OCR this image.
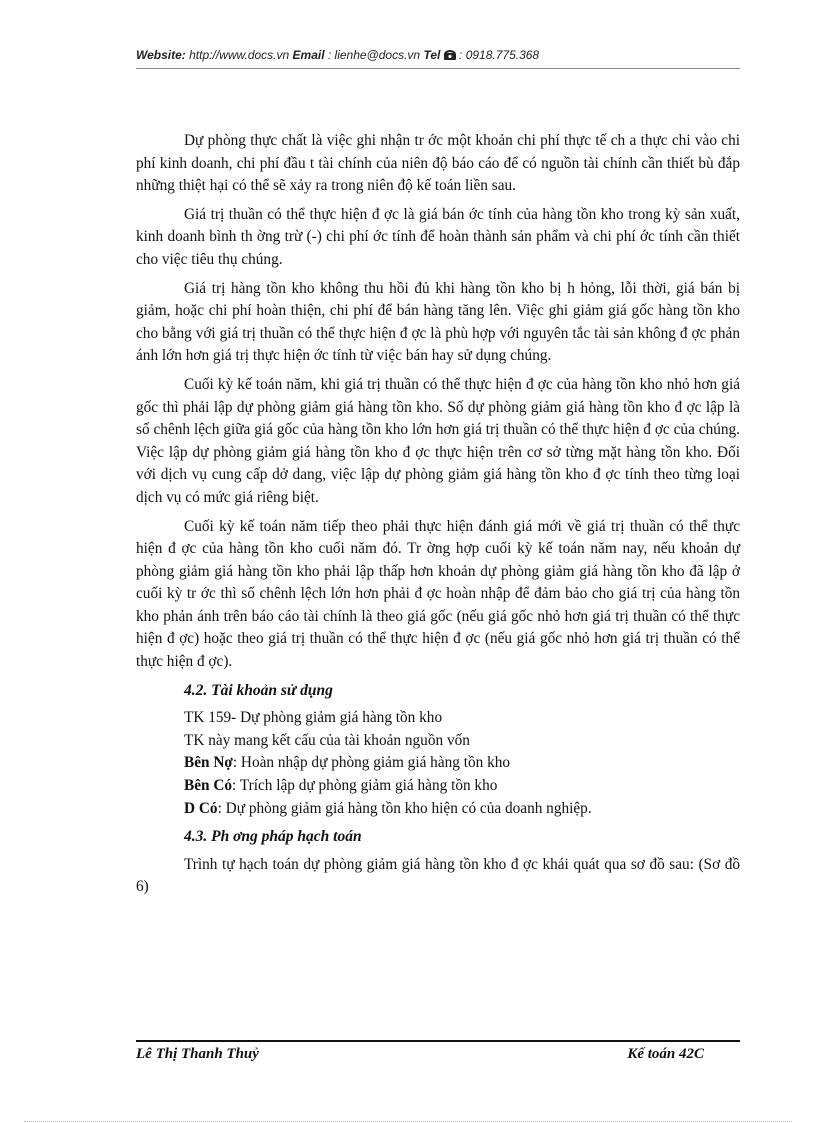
Website: http://www.docs.vn Email : lienhe@docs.vn Tel  : 0918.775.368

Dự phòng thực chất là việc ghi nhận tr ớc một khoản chi phí thực tế ch a thực chi vào chi phí kinh doanh, chi phí đầu t tài chính của niên độ báo cáo để có nguồn tài chính cần thiết bù đắp những thiệt hại có thể sẽ xảy ra trong niên độ kế toán liền sau.

Giá trị thuần có thể thực hiện đ ợc là giá bán ớc tính của hàng tồn kho trong kỳ sản xuất, kinh doanh bình th ờng trừ (-) chi phí ớc tính để hoàn thành sản phẩm và chi phí ớc tính cần thiết cho việc tiêu thụ chúng.

Giá trị hàng tồn kho không thu hồi đủ khi hàng tồn kho bị h hỏng, lỗi thời, giá bán bị giảm, hoặc chi phí hoàn thiện, chi phí để bán hàng tăng lên. Việc ghi giảm giá gốc hàng tồn kho cho bằng với giá trị thuần có thể thực hiện đ ợc là phù hợp với nguyên tắc tài sản không đ ợc phản ánh lớn hơn giá trị thực hiện ớc tính từ việc bán hay sử dụng chúng.

Cuối kỳ kế toán năm, khi giá trị thuần có thể thực hiện đ ợc của hàng tồn kho nhỏ hơn giá gốc thì phải lập dự phòng giảm giá hàng tồn kho. Số dự phòng giảm giá hàng tồn kho đ ợc lập là số chênh lệch giữa giá gốc của hàng tồn kho lớn hơn giá trị thuần có thể thực hiện đ ợc của chúng. Việc lập dự phòng giảm giá hàng tồn kho đ ợc thực hiện trên cơ sở từng mặt hàng tồn kho. Đối với dịch vụ cung cấp dở dang, việc lập dự phòng giảm giá hàng tồn kho đ ợc tính theo từng loại dịch vụ có mức giá riêng biệt.

Cuối kỳ kế toán năm tiếp theo phải thực hiện đánh giá mới về giá trị thuần có thể thực hiện đ ợc của hàng tồn kho cuối năm đó. Tr ờng hợp cuối kỳ kế toán năm nay, nếu khoản dự phòng giảm giá hàng tồn kho phải lập thấp hơn khoản dự phòng giảm giá hàng tồn kho đã lập ở cuối kỳ tr ớc thì số chênh lệch lớn hơn phải đ ợc hoàn nhập để đảm bảo cho giá trị của hàng tồn kho phản ánh trên báo cáo tài chính là theo giá gốc (nếu giá gốc nhỏ hơn giá trị thuần có thể thực hiện đ ợc) hoặc theo giá trị thuần có thể thực hiện đ ợc (nếu giá gốc nhỏ hơn giá trị thuần có thể thực hiện đ ợc).

4.2. Tài khoản sử dụng
TK 159- Dự phòng giảm giá hàng tồn kho
TK này mang kết cấu của tài khoản nguồn vốn
Bên Nợ: Hoàn nhập dự phòng giảm giá hàng tồn kho
Bên Có: Trích lập dự phòng giảm giá hàng tồn kho
D Có: Dự phòng giảm giá hàng tồn kho hiện có của doanh nghiệp.
4.3. Ph ơng pháp hạch toán

Trình tự hạch toán dự phòng giảm giá hàng tồn kho đ ợc khái quát qua sơ đồ sau: (Sơ đồ 6)

Lê Thị Thanh Thuỷ	Kế toán 42C
